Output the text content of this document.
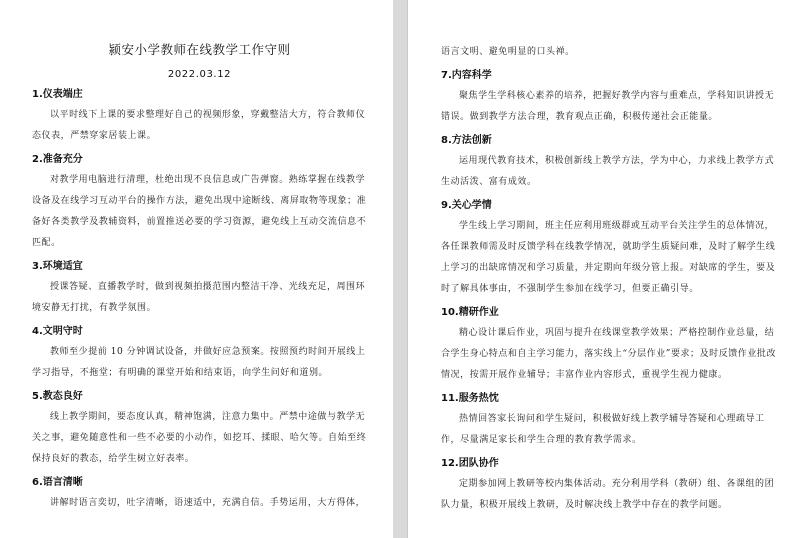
颍安小学教师在线教学工作守则
2022.03.12
1.仪表端庄
以平时线下上课的要求整理好自己的视频形象，穿戴整洁大方，符合教师仪态仪表，严禁穿家居装上课。
2.准备充分
对教学用电脑进行清理，杜绝出现不良信息或广告弹窗。熟练掌握在线教学设备及在线学习互动平台的操作方法，避免出现中途断线、离屏取物等现象；准备好各类教学及教辅资料，前置推送必要的学习资源，避免线上互动交流信息不匹配。
3.环境适宜
授课答疑、直播教学时，做到视频拍摄范围内整洁干净、光线充足，周围环境安静无打扰，有教学氛围。
4.文明守时
教师至少提前 10 分钟调试设备，并做好应急预案。按照预约时间开展线上学习指导，不拖堂；有明确的课堂开始和结束语，向学生问好和道别。
5.教态良好
线上教学期间，要态度认真，精神饱满，注意力集中。严禁中途做与教学无关之事，避免随意性和一些不必要的小动作，如挖耳、揉眼、哈欠等。自始至终保持良好的教态，给学生树立好表率。
6.语言清晰
讲解时语言奕切，吐字清晰，语速适中，充满自信。手势运用，大方得体，
语言文明、避免明显的口头禅。
7.内容科学
聚焦学生学科核心素养的培养，把握好教学内容与重难点，学科知识讲授无错误。做到教学方法合理，教育观点正确，积极传递社会正能量。
8.方法创新
运用现代教育技术，积极创新线上教学方法，学为中心，力求线上教学方式生动活泼、富有成效。
9.关心学情
学生线上学习期间，班主任应利用班级群或互动平台关注学生的总体情况，各任课教师需及时反馈学科在线教学情况，就助学生质疑问难，及时了解学生线上学习的出缺席情况和学习质量，并定期向年级分管上报。对缺席的学生，要及时了解具体事由，不强制学生参加在线学习，但要正确引导。
10.精研作业
精心设计课后作业，巩固与提升在线课堂教学效果；严格控制作业总量，结合学生身心特点和自主学习能力，落实线上“分层作业”要求；及时反馈作业批改情况，按需开展作业辅导；丰富作业内容形式，重视学生视力健康。
11.服务热忱
热情回答家长询问和学生疑问，积极做好线上教学辅导答疑和心理疏导工作，尽量满足家长和学生合理的教育教学需求。
12.团队协作
定期参加网上教研等校内集体活动。充分利用学科（教研）组、各课组的团队力量，积极开展线上教研，及时解决线上教学中存在的教学问题。
